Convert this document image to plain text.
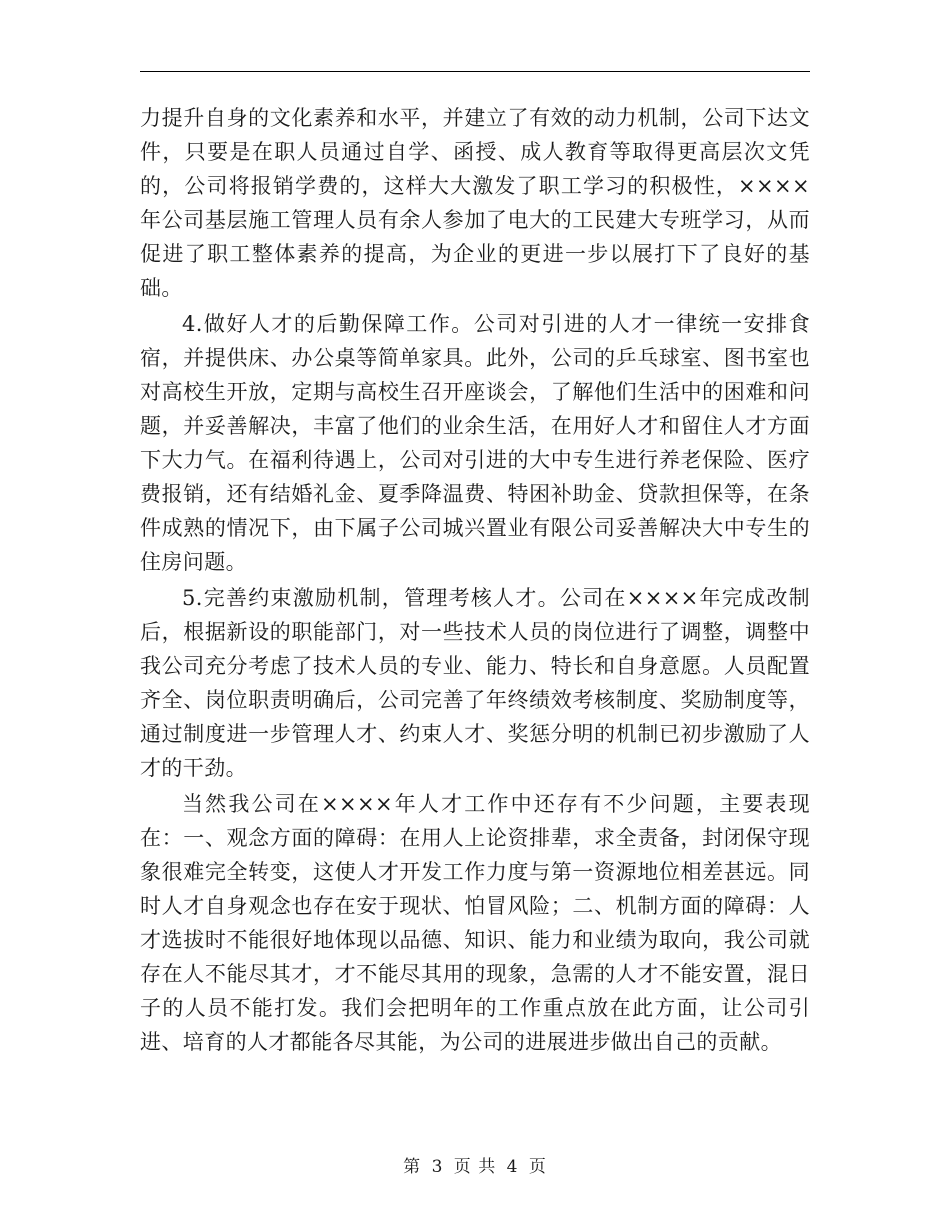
力提升自身的文化素养和水平，并建立了有效的动力机制，公司下达文件，只要是在职人员通过自学、函授、成人教育等取得更高层次文凭的，公司将报销学费的，这样大大激发了职工学习的积极性，××××年公司基层施工管理人员有余人参加了电大的工民建大专班学习，从而促进了职工整体素养的提高，为企业的更进一步以展打下了良好的基础。

4.做好人才的后勤保障工作。公司对引进的人才一律统一安排食宿，并提供床、办公桌等简单家具。此外，公司的乒乓球室、图书室也对高校生开放，定期与高校生召开座谈会，了解他们生活中的困难和问题，并妥善解决，丰富了他们的业余生活，在用好人才和留住人才方面下大力气。在福利待遇上，公司对引进的大中专生进行养老保险、医疗费报销，还有结婚礼金、夏季降温费、特困补助金、贷款担保等，在条件成熟的情况下，由下属子公司城兴置业有限公司妥善解决大中专生的住房问题。

5.完善约束激励机制，管理考核人才。公司在××××年完成改制后，根据新设的职能部门，对一些技术人员的岗位进行了调整，调整中我公司充分考虑了技术人员的专业、能力、特长和自身意愿。人员配置齐全、岗位职责明确后，公司完善了年终绩效考核制度、奖励制度等，通过制度进一步管理人才、约束人才、奖惩分明的机制已初步激励了人才的干劲。

当然我公司在××××年人才工作中还存有不少问题，主要表现在：一、观念方面的障碍：在用人上论资排辈，求全责备，封闭保守现象很难完全转变，这使人才开发工作力度与第一资源地位相差甚远。同时人才自身观念也存在安于现状、怕冒风险；二、机制方面的障碍：人才选拔时不能很好地体现以品德、知识、能力和业绩为取向，我公司就存在人不能尽其才，才不能尽其用的现象，急需的人才不能安置，混日子的人员不能打发。我们会把明年的工作重点放在此方面，让公司引进、培育的人才都能各尽其能，为公司的进展进步做出自己的贡献。

第 3 页 共 4 页
